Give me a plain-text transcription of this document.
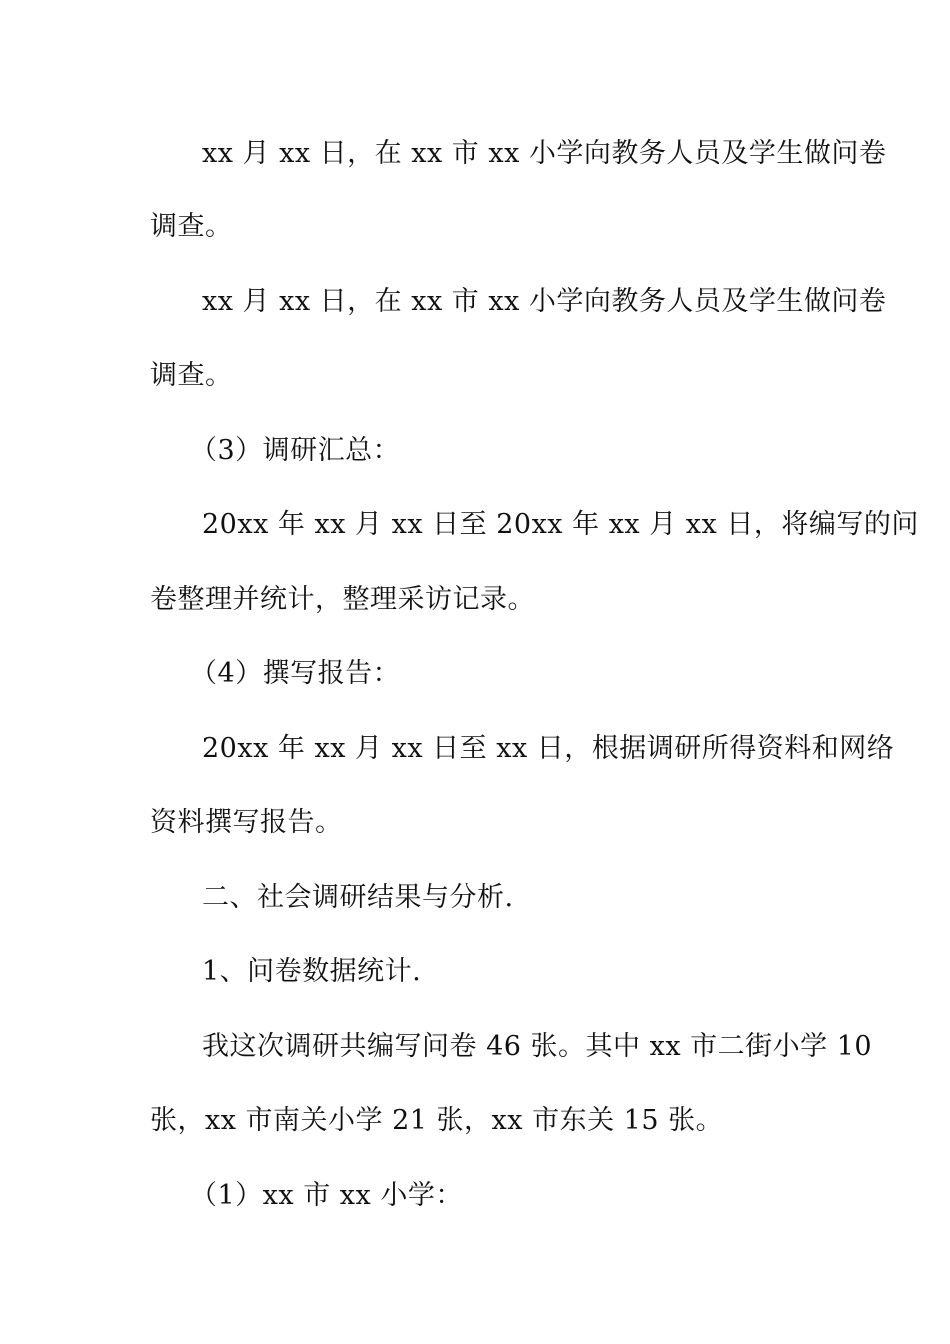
xx 月 xx 日，在 xx 市 xx 小学向教务人员及学生做问卷
调查。
xx 月 xx 日，在 xx 市 xx 小学向教务人员及学生做问卷
调查。
（3）调研汇总：
20xx 年 xx 月 xx 日至 20xx 年 xx 月 xx 日，将编写的问
卷整理并统计，整理采访记录。
（4）撰写报告：
20xx 年 xx 月 xx 日至 xx 日，根据调研所得资料和网络
资料撰写报告。
二、社会调研结果与分析.
1、问卷数据统计.
我这次调研共编写问卷 46 张。其中 xx 市二街小学 10
张，xx 市南关小学 21 张，xx 市东关 15 张。
（1）xx 市 xx 小学：
